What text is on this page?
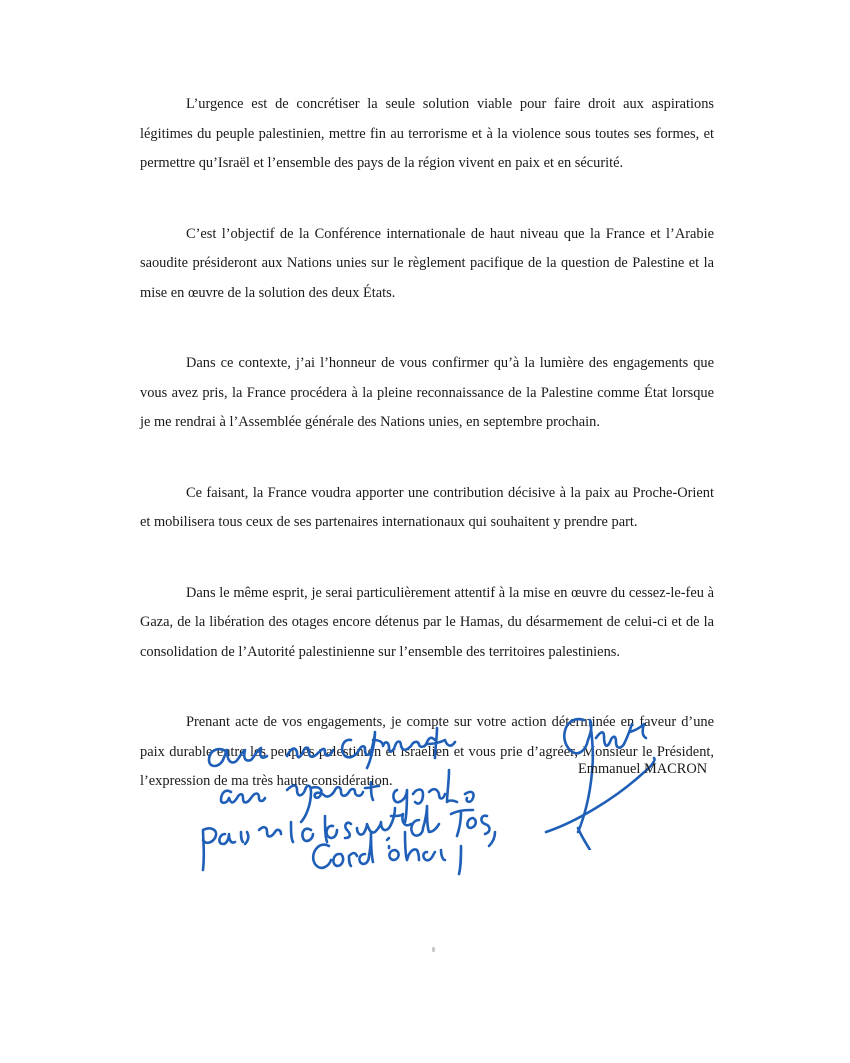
L’urgence est de concrétiser la seule solution viable pour faire droit aux aspirations légitimes du peuple palestinien, mettre fin au terrorisme et à la violence sous toutes ses formes, et permettre qu’Israël et l’ensemble des pays de la région vivent en paix et en sécurité.

C’est l’objectif de la Conférence internationale de haut niveau que la France et l’Arabie saoudite présideront aux Nations unies sur le règlement pacifique de la question de Palestine et la mise en œuvre de la solution des deux États.

Dans ce contexte, j’ai l’honneur de vous confirmer qu’à la lumière des engagements que vous avez pris, la France procédera à la pleine reconnaissance de la Palestine comme État lorsque je me rendrai à l’Assemblée générale des Nations unies, en septembre prochain.

Ce faisant, la France voudra apporter une contribution décisive à la paix au Proche-Orient et mobilisera tous ceux de ses partenaires internationaux qui souhaitent y prendre part.

Dans le même esprit, je serai particulièrement attentif à la mise en œuvre du cessez-le-feu à Gaza, de la libération des otages encore détenus par le Hamas, du désarmement de celui-ci et de la consolidation de l’Autorité palestinienne sur l’ensemble des territoires palestiniens.

Prenant acte de vos engagements, je compte sur votre action déterminée en faveur d’une paix durable entre les peuples palestinien et israélien et vous prie d’agréer, Monsieur le Président, l’expression de ma très haute considération.

Emmanuel MACRON
